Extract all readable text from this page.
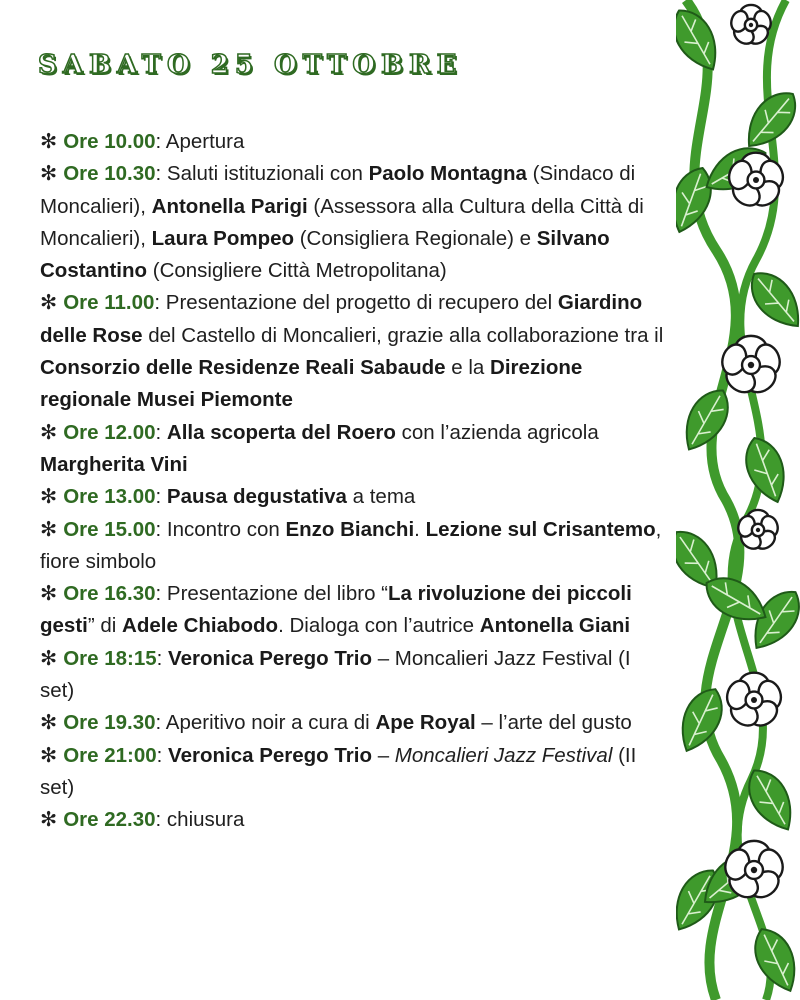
SABATO 25 OTTOBRE
✻ Ore 10.00: Apertura
✻ Ore 10.30: Saluti istituzionali con Paolo Montagna (Sindaco di Moncalieri), Antonella Parigi (Assessora alla Cultura della Città di Moncalieri), Laura Pompeo (Consigliera Regionale) e Silvano Costantino (Consigliere Città Metropolitana)
✻ Ore 11.00: Presentazione del progetto di recupero del Giardino delle Rose del Castello di Moncalieri, grazie alla collaborazione tra il Consorzio delle Residenze Reali Sabaude e la Direzione regionale Musei Piemonte
✻ Ore 12.00: Alla scoperta del Roero con l’azienda agricola Margherita Vini
✻ Ore 13.00: Pausa degustativa a tema
✻ Ore 15.00: Incontro con Enzo Bianchi. Lezione sul Crisantemo, fiore simbolo
✻ Ore 16.30: Presentazione del libro “La rivoluzione dei piccoli gesti” di Adele Chiabodo. Dialoga con l’autrice Antonella Giani
✻ Ore 18:15: Veronica Perego Trio – Moncalieri Jazz Festival (I set)
✻ Ore 19.30: Aperitivo noir a cura di Ape Royal – l’arte del gusto
✻ Ore 21:00: Veronica Perego Trio – Moncalieri Jazz Festival (II set)
✻ Ore 22.30: chiusura
